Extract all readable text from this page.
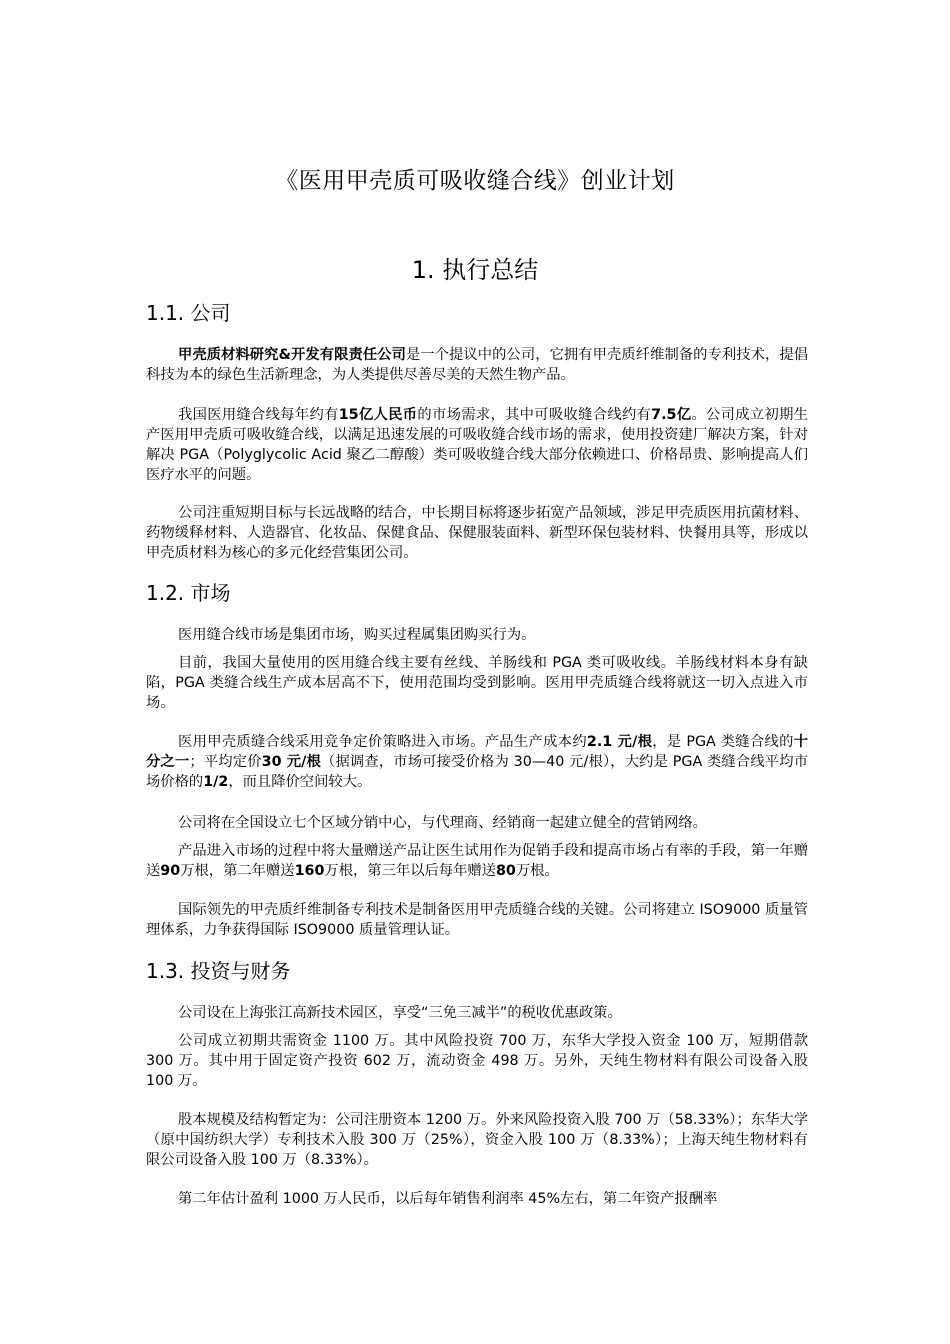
《医用甲壳质可吸收缝合线》创业计划
1. 执行总结
1.1. 公司

甲壳质材料研究&开发有限责任公司是一个提议中的公司，它拥有甲壳质纤维制备的专利技术，提倡科技为本的绿色生活新理念，为人类提供尽善尽美的天然生物产品。

我国医用缝合线每年约有15亿人民币的市场需求，其中可吸收缝合线约有7.5亿。公司成立初期生产医用甲壳质可吸收缝合线，以满足迅速发展的可吸收缝合线市场的需求，使用投资建厂解决方案，针对解决 PGA（Polyglycolic Acid 聚乙二醇酸）类可吸收缝合线大部分依赖进口、价格昂贵、影响提高人们医疗水平的问题。

公司注重短期目标与长远战略的结合，中长期目标将逐步拓宽产品领域，涉足甲壳质医用抗菌材料、药物缓释材料、人造器官、化妆品、保健食品、保健服装面料、新型环保包装材料、快餐用具等，形成以甲壳质材料为核心的多元化经营集团公司。

1.2. 市场

医用缝合线市场是集团市场，购买过程属集团购买行为。

目前，我国大量使用的医用缝合线主要有丝线、羊肠线和 PGA 类可吸收线。羊肠线材料本身有缺陷，PGA 类缝合线生产成本居高不下，使用范围均受到影响。医用甲壳质缝合线将就这一切入点进入市场。

医用甲壳质缝合线采用竞争定价策略进入市场。产品生产成本约2.1 元/根，是 PGA 类缝合线的十分之一；平均定价30 元/根（据调查，市场可接受价格为 30—40 元/根），大约是 PGA 类缝合线平均市场价格的1/2，而且降价空间较大。

公司将在全国设立七个区域分销中心，与代理商、经销商一起建立健全的营销网络。

产品进入市场的过程中将大量赠送产品让医生试用作为促销手段和提高市场占有率的手段，第一年赠送90万根，第二年赠送160万根，第三年以后每年赠送80万根。

国际领先的甲壳质纤维制备专利技术是制备医用甲壳质缝合线的关键。公司将建立 ISO9000 质量管理体系，力争获得国际 ISO9000 质量管理认证。

1.3. 投资与财务

公司设在上海张江高新技术园区，享受“三免三减半”的税收优惠政策。

公司成立初期共需资金 1100 万。其中风险投资 700 万，东华大学投入资金 100 万，短期借款 300 万。其中用于固定资产投资 602 万，流动资金 498 万。另外，天纯生物材料有限公司设备入股 100 万。

股本规模及结构暂定为：公司注册资本 1200 万。外来风险投资入股 700 万（58.33%）；东华大学（原中国纺织大学）专利技术入股 300 万（25%），资金入股 100 万（8.33%）；上海天纯生物材料有限公司设备入股 100 万（8.33%）。

第二年估计盈利 1000 万人民币，以后每年销售利润率 45%左右，第二年资产报酬率
